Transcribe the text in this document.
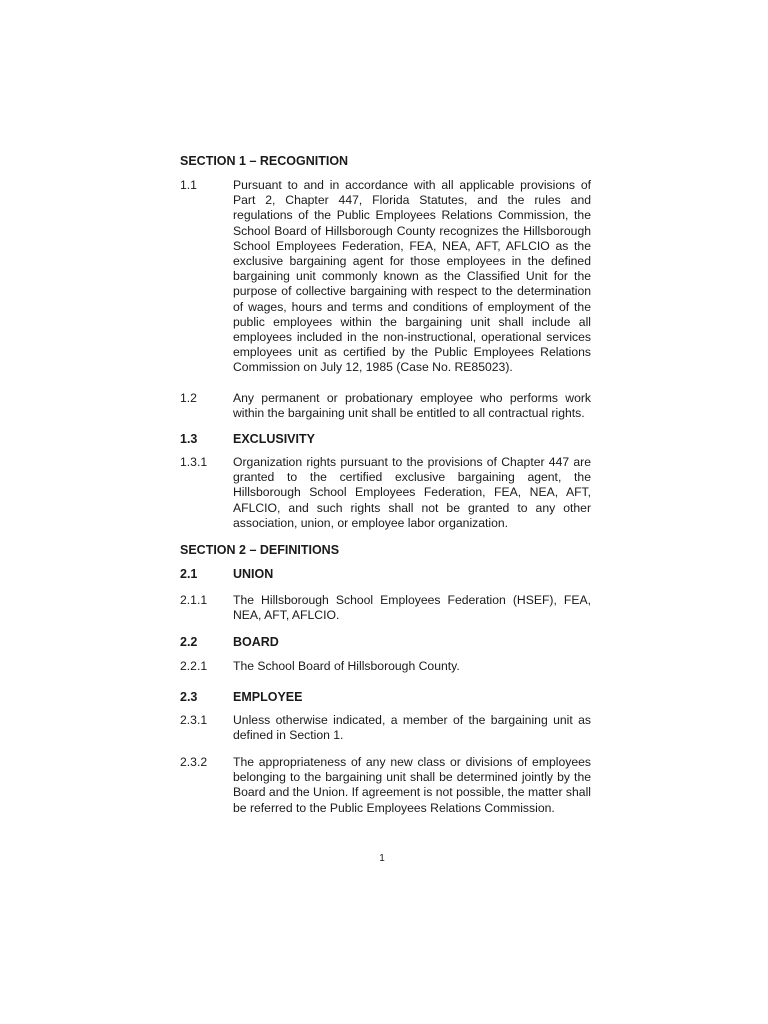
SECTION 1 – RECOGNITION
1.1	Pursuant to and in accordance with all applicable provisions of Part 2, Chapter 447, Florida Statutes, and the rules and regulations of the Public Employees Relations Commission, the School Board of Hillsborough County recognizes the Hillsborough School Employees Federation, FEA, NEA, AFT, AFLCIO as the exclusive bargaining agent for those employees in the defined bargaining unit commonly known as the Classified Unit for the purpose of collective bargaining with respect to the determination of wages, hours and terms and conditions of employment of the public employees within the bargaining unit shall include all employees included in the non-instructional, operational services employees unit as certified by the Public Employees Relations Commission on July 12, 1985 (Case No. RE85023).
1.2	Any permanent or probationary employee who performs work within the bargaining unit shall be entitled to all contractual rights.
1.3	EXCLUSIVITY
1.3.1	Organization rights pursuant to the provisions of Chapter 447 are granted to the certified exclusive bargaining agent, the Hillsborough School Employees Federation, FEA, NEA, AFT, AFLCIO, and such rights shall not be granted to any other association, union, or employee labor organization.
SECTION 2 – DEFINITIONS
2.1	UNION
2.1.1	The Hillsborough School Employees Federation (HSEF), FEA, NEA, AFT, AFLCIO.
2.2	BOARD
2.2.1	The School Board of Hillsborough County.
2.3	EMPLOYEE
2.3.1	Unless otherwise indicated, a member of the bargaining unit as defined in Section 1.
2.3.2	The appropriateness of any new class or divisions of employees belonging to the bargaining unit shall be determined jointly by the Board and the Union. If agreement is not possible, the matter shall be referred to the Public Employees Relations Commission.
1
